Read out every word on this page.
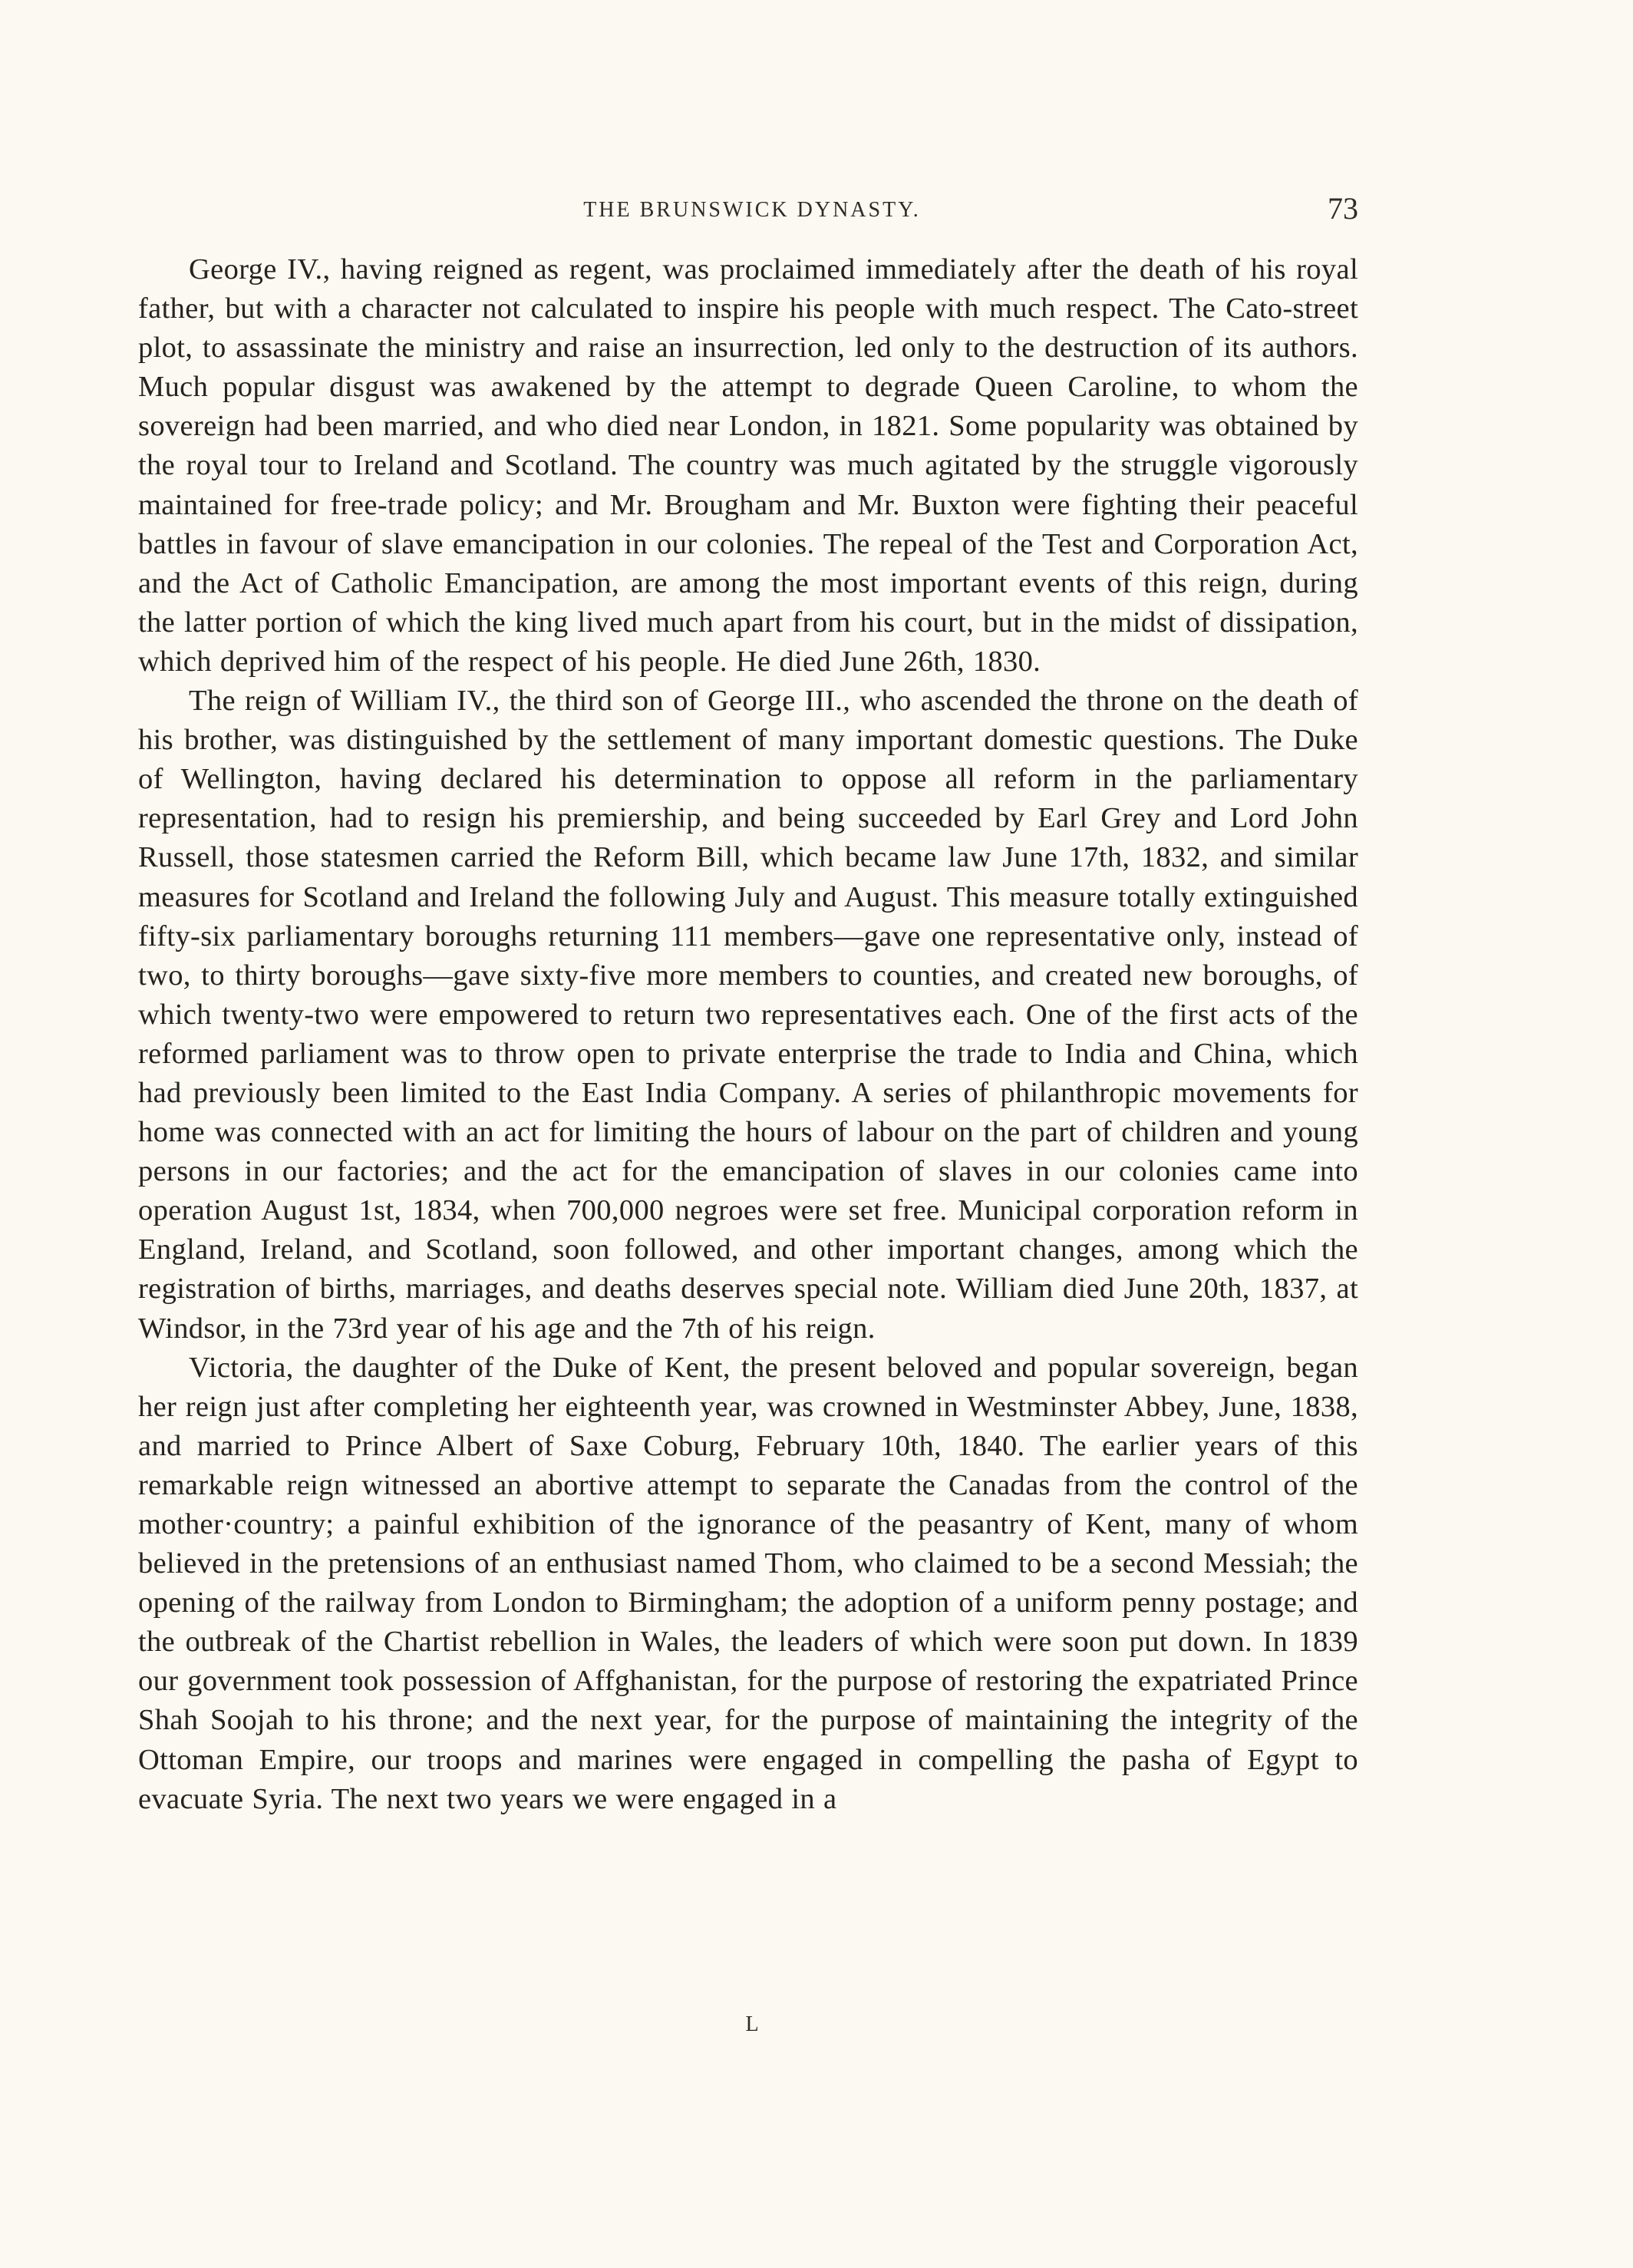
THE BRUNSWICK DYNASTY.	73

George IV., having reigned as regent, was proclaimed immediately after the death of his royal father, but with a character not calculated to inspire his people with much respect. The Cato-street plot, to assassinate the ministry and raise an insurrection, led only to the destruction of its authors. Much popular disgust was awakened by the attempt to degrade Queen Caroline, to whom the sovereign had been married, and who died near London, in 1821. Some popularity was obtained by the royal tour to Ireland and Scotland. The country was much agitated by the struggle vigorously maintained for free-trade policy; and Mr. Brougham and Mr. Buxton were fighting their peaceful battles in favour of slave emancipation in our colonies. The repeal of the Test and Corporation Act, and the Act of Catholic Emancipation, are among the most important events of this reign, during the latter portion of which the king lived much apart from his court, but in the midst of dissipation, which deprived him of the respect of his people. He died June 26th, 1830.

The reign of William IV., the third son of George III., who ascended the throne on the death of his brother, was distinguished by the settlement of many important domestic questions. The Duke of Wellington, having declared his determination to oppose all reform in the parliamentary representation, had to resign his premiership, and being succeeded by Earl Grey and Lord John Russell, those statesmen carried the Reform Bill, which became law June 17th, 1832, and similar measures for Scotland and Ireland the following July and August. This measure totally extinguished fifty-six parliamentary boroughs returning 111 members—gave one representative only, instead of two, to thirty boroughs—gave sixty-five more members to counties, and created new boroughs, of which twenty-two were empowered to return two representatives each. One of the first acts of the reformed parliament was to throw open to private enterprise the trade to India and China, which had previously been limited to the East India Company. A series of philanthropic movements for home was connected with an act for limiting the hours of labour on the part of children and young persons in our factories; and the act for the emancipation of slaves in our colonies came into operation August 1st, 1834, when 700,000 negroes were set free. Municipal corporation reform in England, Ireland, and Scotland, soon followed, and other important changes, among which the registration of births, marriages, and deaths deserves special note. William died June 20th, 1837, at Windsor, in the 73rd year of his age and the 7th of his reign.

Victoria, the daughter of the Duke of Kent, the present beloved and popular sovereign, began her reign just after completing her eighteenth year, was crowned in Westminster Abbey, June, 1838, and married to Prince Albert of Saxe Coburg, February 10th, 1840. The earlier years of this remarkable reign witnessed an abortive attempt to separate the Canadas from the control of the mother·country; a painful exhibition of the ignorance of the peasantry of Kent, many of whom believed in the pretensions of an enthusiast named Thom, who claimed to be a second Messiah; the opening of the railway from London to Birmingham; the adoption of a uniform penny postage; and the outbreak of the Chartist rebellion in Wales, the leaders of which were soon put down. In 1839 our government took possession of Affghanistan, for the purpose of restoring the expatriated Prince Shah Soojah to his throne; and the next year, for the purpose of maintaining the integrity of the Ottoman Empire, our troops and marines were engaged in compelling the pasha of Egypt to evacuate Syria. The next two years we were engaged in a

L
